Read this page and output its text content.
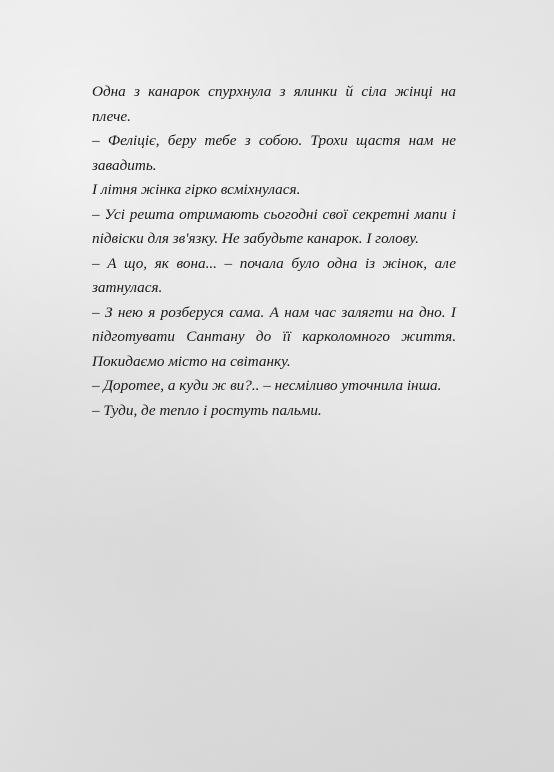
Одна з канарок спурхнула з ялинки й сіла жінці на плече.

– Феліціє, беру тебе з собою. Трохи щастя нам не завадить.

І літня жінка гірко всміхнулася.

– Усі решта отримають сьогодні свої секретні мапи і підвіски для зв'язку. Не забудьте канарок. І голову.

– А що, як вона... – почала було одна із жінок, але затнулася.

– З нею я розберуся сама. А нам час залягти на дно. І підготувати Сантану до її карколомного життя. Покидаємо місто на світанку.

– Доротее, а куди ж ви?.. – несміливо уточнила інша.

– Туди, де тепло і ростуть пальми.
